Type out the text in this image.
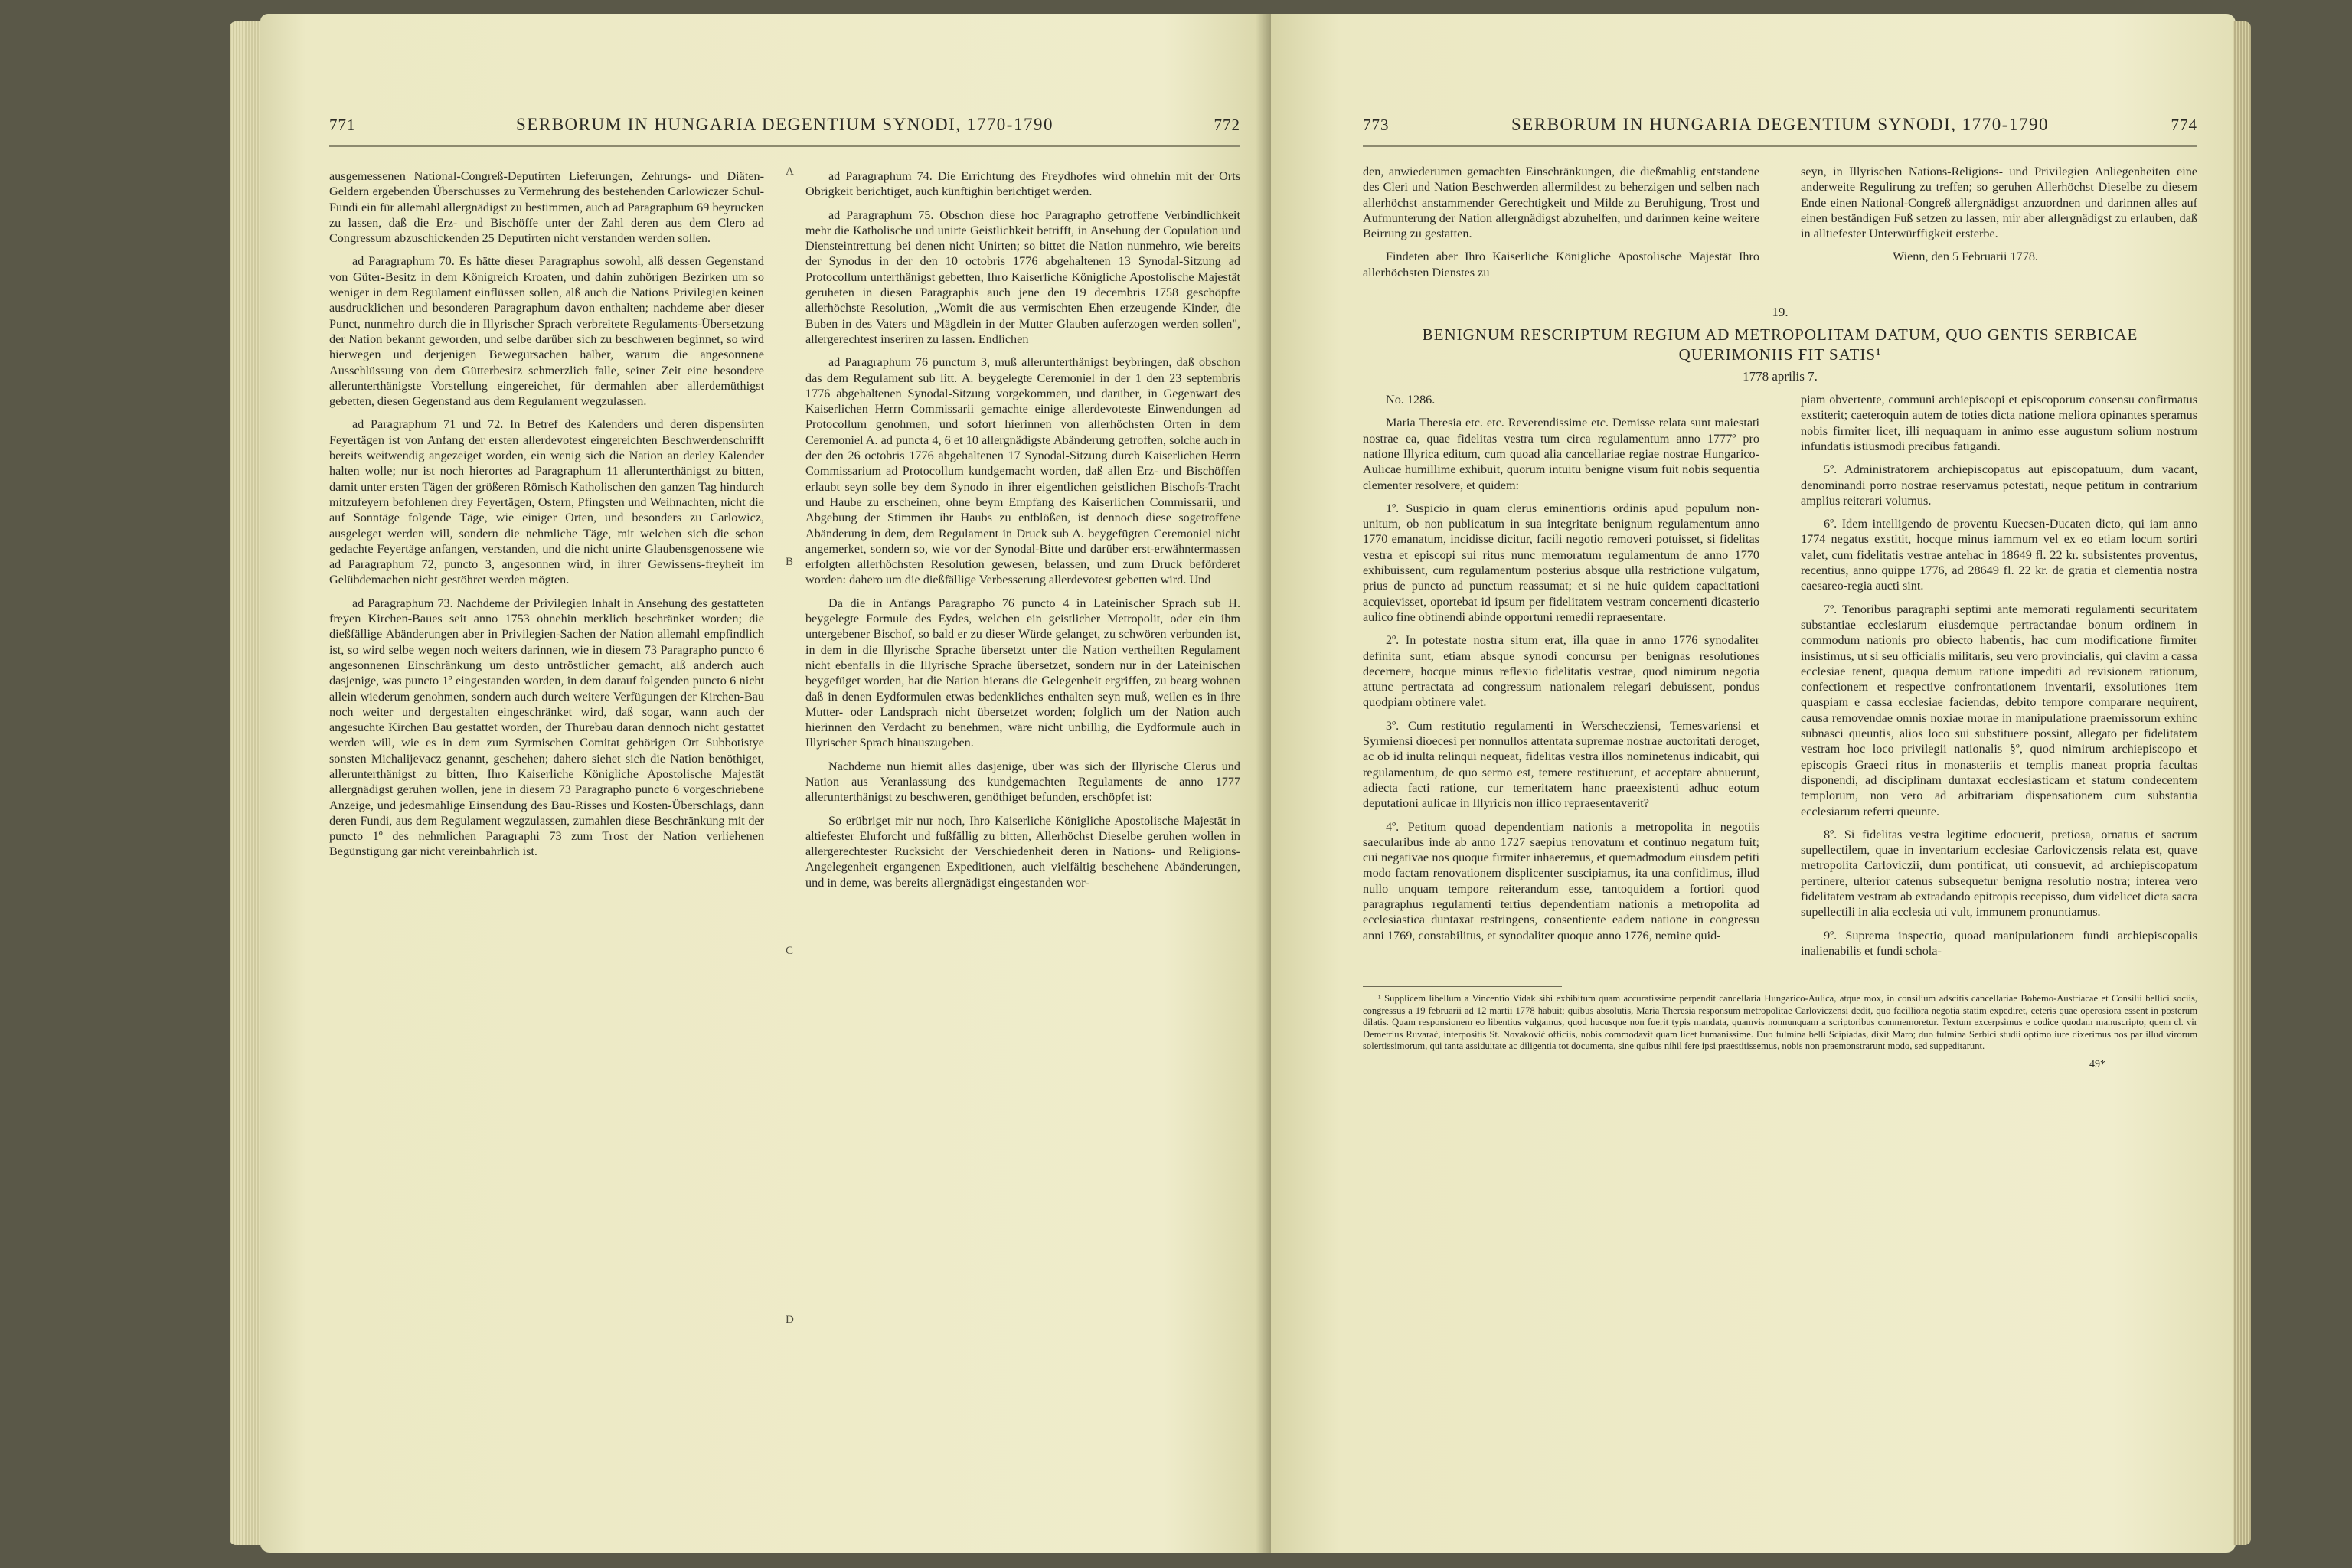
771	SERBORUM IN HUNGARIA DEGENTIUM SYNODI, 1770-1790	772

ausgemessenen National-Congreß-Deputirten Lieferungen, Zehrungs- und Diäten-Geldern ergebenden Überschusses zu Vermehrung des bestehenden Carlowiczer Schul-Fundi ein für allemahl allergnädigst zu bestimmen, auch ad Paragraphum 69 beyrucken zu lassen, daß die Erz- und Bischöffe unter der Zahl deren aus dem Clero ad Congressum abzuschickenden 25 Deputirten nicht verstanden werden sollen.

ad Paragraphum 70. Es hätte dieser Paragraphus sowohl, alß dessen Gegenstand von Güter-Besitz in dem Königreich Kroaten, und dahin zuhörigen Bezirken um so weniger in dem Regulament einflüssen sollen, alß auch die Nations Privilegien keinen ausdrucklichen und besonderen Paragraphum davon enthalten; nachdeme aber dieser Punct, nunmehro durch die in Illyrischer Sprach verbreitete Regulaments-Übersetzung der Nation bekannt geworden, und selbe darüber sich zu beschweren beginnet, so wird hierwegen und derjenigen Bewegursachen halber, warum die angesonnene Ausschlüssung von dem Gütterbesitz schmerzlich falle, seiner Zeit eine besondere allerunterthänigste Vorstellung eingereichet, für dermahlen aber allerdemüthigst gebetten, diesen Gegenstand aus dem Regulament wegzulassen.

ad Paragraphum 71 und 72. In Betref des Kalenders und deren dispensirten Feyertägen ist von Anfang der ersten allerdevotest eingereichten Beschwerdenschrifft bereits weitwendig angezeiget worden, ein wenig sich die Nation an derley Kalender halten wolle; nur ist noch hierortes ad Paragraphum 11 allerunterthänigst zu bitten, damit unter ersten Tägen der größeren Römisch Katholischen den ganzen Tag hindurch mitzufeyern befohlenen drey Feyertägen, Ostern, Pfingsten und Weihnachten, nicht die auf Sonntäge folgende Täge, wie einiger Orten, und besonders zu Carlowicz, ausgeleget werden will, sondern die nehmliche Täge, mit welchen sich die schon gedachte Feyertäge anfangen, verstanden, und die nicht unirte Glaubensgenossene wie ad Paragraphum 72, puncto 3, angesonnen wird, in ihrer Gewissens-freyheit im Gelübdemachen nicht gestöhret werden mögten.

ad Paragraphum 73. Nachdeme der Privilegien Inhalt in Ansehung des gestatteten freyen Kirchen-Baues seit anno 1753 ohnehin merklich beschränket worden; die dießfällige Abänderungen aber in Privilegien-Sachen der Nation allemahl empfindlich ist, so wird selbe wegen noch weiters darinnen, wie in diesem 73 Paragrapho puncto 6 angesonnenen Einschränkung um desto untröstlicher gemacht, alß anderch auch dasjenige, was puncto 1º eingestanden worden, in dem darauf folgenden puncto 6 nicht allein wiederum genohmen, sondern auch durch weitere Verfügungen der Kirchen-Bau noch weiter und dergestalten eingeschränket wird, daß sogar, wann auch der angesuchte Kirchen Bau gestattet worden, der Thurebau daran dennoch nicht gestattet werden will, wie es in dem zum Syrmischen Comitat gehörigen Ort Subbotistye sonsten Michalijevacz genannt, geschehen; dahero siehet sich die Nation benöthiget, allerunterthänigst zu bitten, Ihro Kaiserliche Königliche Apostolische Majestät allergnädigst geruhen wollen, jene in diesem 73 Paragrapho puncto 6 vorgeschriebene Anzeige, und jedesmahlige Einsendung des Bau-Risses und Kosten-Überschlags, dann deren Fundi, aus dem Regulament wegzulassen, zumahlen diese Beschränkung mit der puncto 1º des nehmlichen Paragraphi 73 zum Trost der Nation verliehenen Begünstigung gar nicht vereinbahrlich ist.

ad Paragraphum 74. Die Errichtung des Freydhofes wird ohnehin mit der Orts Obrigkeit berichtiget, auch künftighin berichtiget werden.

ad Paragraphum 75. Obschon diese hoc Paragrapho getroffene Verbindlichkeit mehr die Katholische und unirte Geistlichkeit betrifft, in Ansehung der Copulation und Diensteintrettung bei denen nicht Unirten; so bittet die Nation nunmehro, wie bereits der Synodus in der den 10 octobris 1776 abgehaltenen 13 Synodal-Sitzung ad Protocollum unterthänigst gebetten, Ihro Kaiserliche Königliche Apostolische Majestät geruheten in diesen Paragraphis auch jene den 19 decembris 1758 geschöpfte allerhöchste Resolution, „Womit die aus vermischten Ehen erzeugende Kinder, die Buben in des Vaters und Mägdlein in der Mutter Glauben auferzogen werden sollen", allergerechtest inseriren zu lassen. Endlichen

ad Paragraphum 76 punctum 3, muß allerunterthänigst beybringen, daß obschon das dem Regulament sub litt. A. beygelegte Ceremoniel in der 1 den 23 septembris 1776 abgehaltenen Synodal-Sitzung vorgekommen, und darüber, in Gegenwart des Kaiserlichen Herrn Commissarii gemachte einige allerdevoteste Einwendungen ad Protocollum genohmen, und sofort hierinnen von allerhöchsten Orten in dem Ceremoniel A. ad puncta 4, 6 et 10 allergnädigste Abänderung getroffen, solche auch in der den 26 octobris 1776 abgehaltenen 17 Synodal-Sitzung durch Kaiserlichen Herrn Commissarium ad Protocollum kundgemacht worden, daß allen Erz- und Bischöffen erlaubt seyn solle bey dem Synodo in ihrer eigentlichen geistlichen Bischofs-Tracht und Haube zu erscheinen, ohne beym Empfang des Kaiserlichen Commissarii, und Abgebung der Stimmen ihr Haubs zu entblößen, ist dennoch diese sogetroffene Abänderung in dem, dem Regulament in Druck sub A. beygefügten Ceremoniel nicht angemerket, sondern so, wie vor der Synodal-Bitte und darüber erst-erwähntermassen erfolgten allerhöchsten Resolution gewesen, belassen, und zum Druck beförderet worden: dahero um die dießfällige Verbesserung allerdevotest gebetten wird. Und

Da die in Anfangs Paragrapho 76 puncto 4 in Lateinischer Sprach sub H. beygelegte Formule des Eydes, welchen ein geistlicher Metropolit, oder ein ihm untergebener Bischof, so bald er zu dieser Würde gelanget, zu schwören verbunden ist, in dem in die Illyrische Sprache übersetzt unter die Nation vertheilten Regulament nicht ebenfalls in die Illyrische Sprache übersetzet, sondern nur in der Lateinischen beygefüget worden, hat die Nation hierans die Gelegenheit ergriffen, zu bearg wohnen daß in denen Eydformulen etwas bedenkliches enthalten seyn muß, weilen es in ihre Mutter- oder Landsprach nicht übersetzet worden; folglich um der Nation auch hierinnen den Verdacht zu benehmen, wäre nicht unbillig, die Eydformule auch in Illyrischer Sprach hinauszugeben.

Nachdeme nun hiemit alles dasjenige, über was sich der Illyrische Clerus und Nation aus Veranlassung des kundgemachten Regulaments de anno 1777 allerunterthänigst zu beschweren, genöthiget befunden, erschöpfet ist:

So erübriget mir nur noch, Ihro Kaiserliche Königliche Apostolische Majestät in altiefester Ehrforcht und fußfällig zu bitten, Allerhöchst Dieselbe geruhen wollen in allergerechtester Rucksicht der Verschiedenheit deren in Nations- und Religions-Angelegenheit ergangenen Expeditionen, auch vielfältig beschehene Abänderungen, und in deme, was bereits allergnädigst eingestanden wor-

A
B
C
D
773	SERBORUM IN HUNGARIA DEGENTIUM SYNODI, 1770-1790	774

den, anwiederumen gemachten Einschränkungen, die dießmahlig entstandene des Cleri und Nation Beschwerden allermildest zu beherzigen und selben nach allerhöchst anstammender Gerechtigkeit und Milde zu Beruhigung, Trost und Aufmunterung der Nation allergnädigst abzuhelfen, und darinnen keine weitere Beirrung zu gestatten.

Findeten aber Ihro Kaiserliche Königliche Apostolische Majestät Ihro allerhöchsten Dienstes zu

seyn, in Illyrischen Nations-Religions- und Privilegien Anliegenheiten eine anderweite Regulirung zu treffen; so geruhen Allerhöchst Dieselbe zu diesem Ende einen National-Congreß allergnädigst anzuordnen und darinnen alles auf einen beständigen Fuß setzen zu lassen, mir aber allergnädigst zu erlauben, daß in alltiefester Unterwürffigkeit ersterbe.

Wienn, den 5 Februarii 1778.

19.
BENIGNUM RESCRIPTUM REGIUM AD METROPOLITAM DATUM, QUO GENTIS SERBICAE QUERIMONIIS FIT SATIS¹
1778 aprilis 7.

No. 1286.

Maria Theresia etc. etc. Reverendissime etc. Demisse relata sunt maiestati nostrae ea, quae fidelitas vestra tum circa regulamentum anno 1777º pro natione Illyrica editum, cum quoad alia cancellariae regiae nostrae Hungarico-Aulicae humillime exhibuit, quorum intuitu benigne visum fuit nobis sequentia clementer resolvere, et quidem:

1º. Suspicio in quam clerus eminentioris ordinis apud populum non-unitum, ob non publicatum in sua integritate benignum regulamentum anno 1770 emanatum, incidisse dicitur, facili negotio removeri potuisset, si fidelitas vestra et episcopi sui ritus nunc memoratum regulamentum de anno 1770 exhibuissent, cum regulamentum posterius absque ulla restrictione vulgatum, prius de puncto ad punctum reassumat; et si ne huic quidem capacitationi acquievisset, oportebat id ipsum per fidelitatem vestram concernenti dicasterio aulico fine obtinendi abinde opportuni remedii repraesentare.

2º. In potestate nostra situm erat, illa quae in anno 1776 synodaliter definita sunt, etiam absque synodi concursu per benignas resolutiones decernere, hocque minus reflexio fidelitatis vestrae, quod nimirum negotia attunc pertractata ad congressum nationalem relegari debuissent, pondus quodpiam obtinere valet.

3º. Cum restitutio regulamenti in Werschecziensi, Temesvariensi et Syrmiensi dioecesi per nonnullos attentata supremae nostrae auctoritati deroget, ac ob id inulta relinqui nequeat, fidelitas vestra illos nominetenus indicabit, qui regulamentum, de quo sermo est, temere restituerunt, et acceptare abnuerunt, adiecta facti ratione, cur temeritatem hanc praeexistenti adhuc eotum deputationi aulicae in Illyricis non illico repraesentaverit?

4º. Petitum quoad dependentiam nationis a metropolita in negotiis saecularibus inde ab anno 1727 saepius renovatum et continuo negatum fuit; cui negativae nos quoque firmiter inhaeremus, et quemadmodum eiusdem petiti modo factam renovationem displicenter suscipiamus, ita una confidimus, illud nullo unquam tempore reiterandum esse, tantoquidem a fortiori quod paragraphus regulamenti tertius dependentiam nationis a metropolita ad ecclesiastica duntaxat restringens, consentiente eadem natione in congressu anni 1769, constabilitus, et synodaliter quoque anno 1776, nemine quid-

piam obvertente, communi archiepiscopi et episcoporum consensu confirmatus exstiterit; caeteroquin autem de toties dicta natione meliora opinantes speramus nobis firmiter licet, illi nequaquam in animo esse augustum solium nostrum infundatis istiusmodi precibus fatigandi.

5º. Administratorem archiepiscopatus aut episcopatuum, dum vacant, denominandi porro nostrae reservamus potestati, neque petitum in contrarium amplius reiterari volumus.

6º. Idem intelligendo de proventu Kuecsen-Ducaten dicto, qui iam anno 1774 negatus exstitit, hocque minus iammum vel ex eo etiam locum sortiri valet, cum fidelitatis vestrae antehac in 18649 fl. 22 kr. subsistentes proventus, recentius, anno quippe 1776, ad 28649 fl. 22 kr. de gratia et clementia nostra caesareo-regia aucti sint.

7º. Tenoribus paragraphi septimi ante memorati regulamenti securitatem substantiae ecclesiarum eiusdemque pertractandae bonum ordinem in commodum nationis pro obiecto habentis, hac cum modificatione firmiter insistimus, ut si seu officialis militaris, seu vero provincialis, qui clavim a cassa ecclesiae tenent, quaqua demum ratione impediti ad revisionem rationum, confectionem et respective confrontationem inventarii, exsolutiones item quaspiam e cassa ecclesiae faciendas, debito tempore comparare nequirent, causa removendae omnis noxiae morae in manipulatione praemissorum exhinc subnasci queuntis, alios loco sui substituere possint, allegato per fidelitatem vestram hoc loco privilegii nationalis §º, quod nimirum archiepiscopo et episcopis Graeci ritus in monasteriis et templis maneat propria facultas disponendi, ad disciplinam duntaxat ecclesiasticam et statum condecentem templorum, non vero ad arbitrariam dispensationem cum substantia ecclesiarum referri queunte.

8º. Si fidelitas vestra legitime edocuerit, pretiosa, ornatus et sacrum supellectilem, quae in inventarium ecclesiae Carloviczensis relata est, quave metropolita Carloviczii, dum pontificat, uti consuevit, ad archiepiscopatum pertinere, ulterior catenus subsequetur benigna resolutio nostra; interea vero fidelitatem vestram ab extradando epitropis recepisso, dum videlicet dicta sacra supellectili in alia ecclesia uti vult, immunem pronuntiamus.

9º. Suprema inspectio, quoad manipulationem fundi archiepiscopalis inalienabilis et fundi schola-

¹ Supplicem libellum a Vincentio Vidak sibi exhibitum quam accuratissime perpendit cancellaria Hungarico-Aulica, atque mox, in consilium adscitis cancellariae Bohemo-Austriacae et Consilii bellici sociis, congressus a 19 februarii ad 12 martii 1778 habuit; quibus absolutis, Maria Theresia responsum metropolitae Carloviczensi dedit, quo facilliora negotia statim expediret, ceteris quae operosiora essent in posterum dilatis. Quam responsionem eo libentius vulgamus, quod hucusque non fuerit typis mandata, quamvis nonnunquam a scriptoribus commemoretur. Textum excerpsimus e codice quodam manuscripto, quem cl. vir Demetrius Ruvarać, interpositis St. Novaković officiis, nobis commodavit quam licet humanissime. Duo fulmina belli Scipiadas, dixit Maro; duo fulmina Serbici studii optimo iure dixerimus nos par illud virorum solertissimorum, qui tanta assiduitate ac diligentia tot documenta, sine quibus nihil fere ipsi praestitissemus, nobis non praemonstrarunt modo, sed suppeditarunt.

49*
